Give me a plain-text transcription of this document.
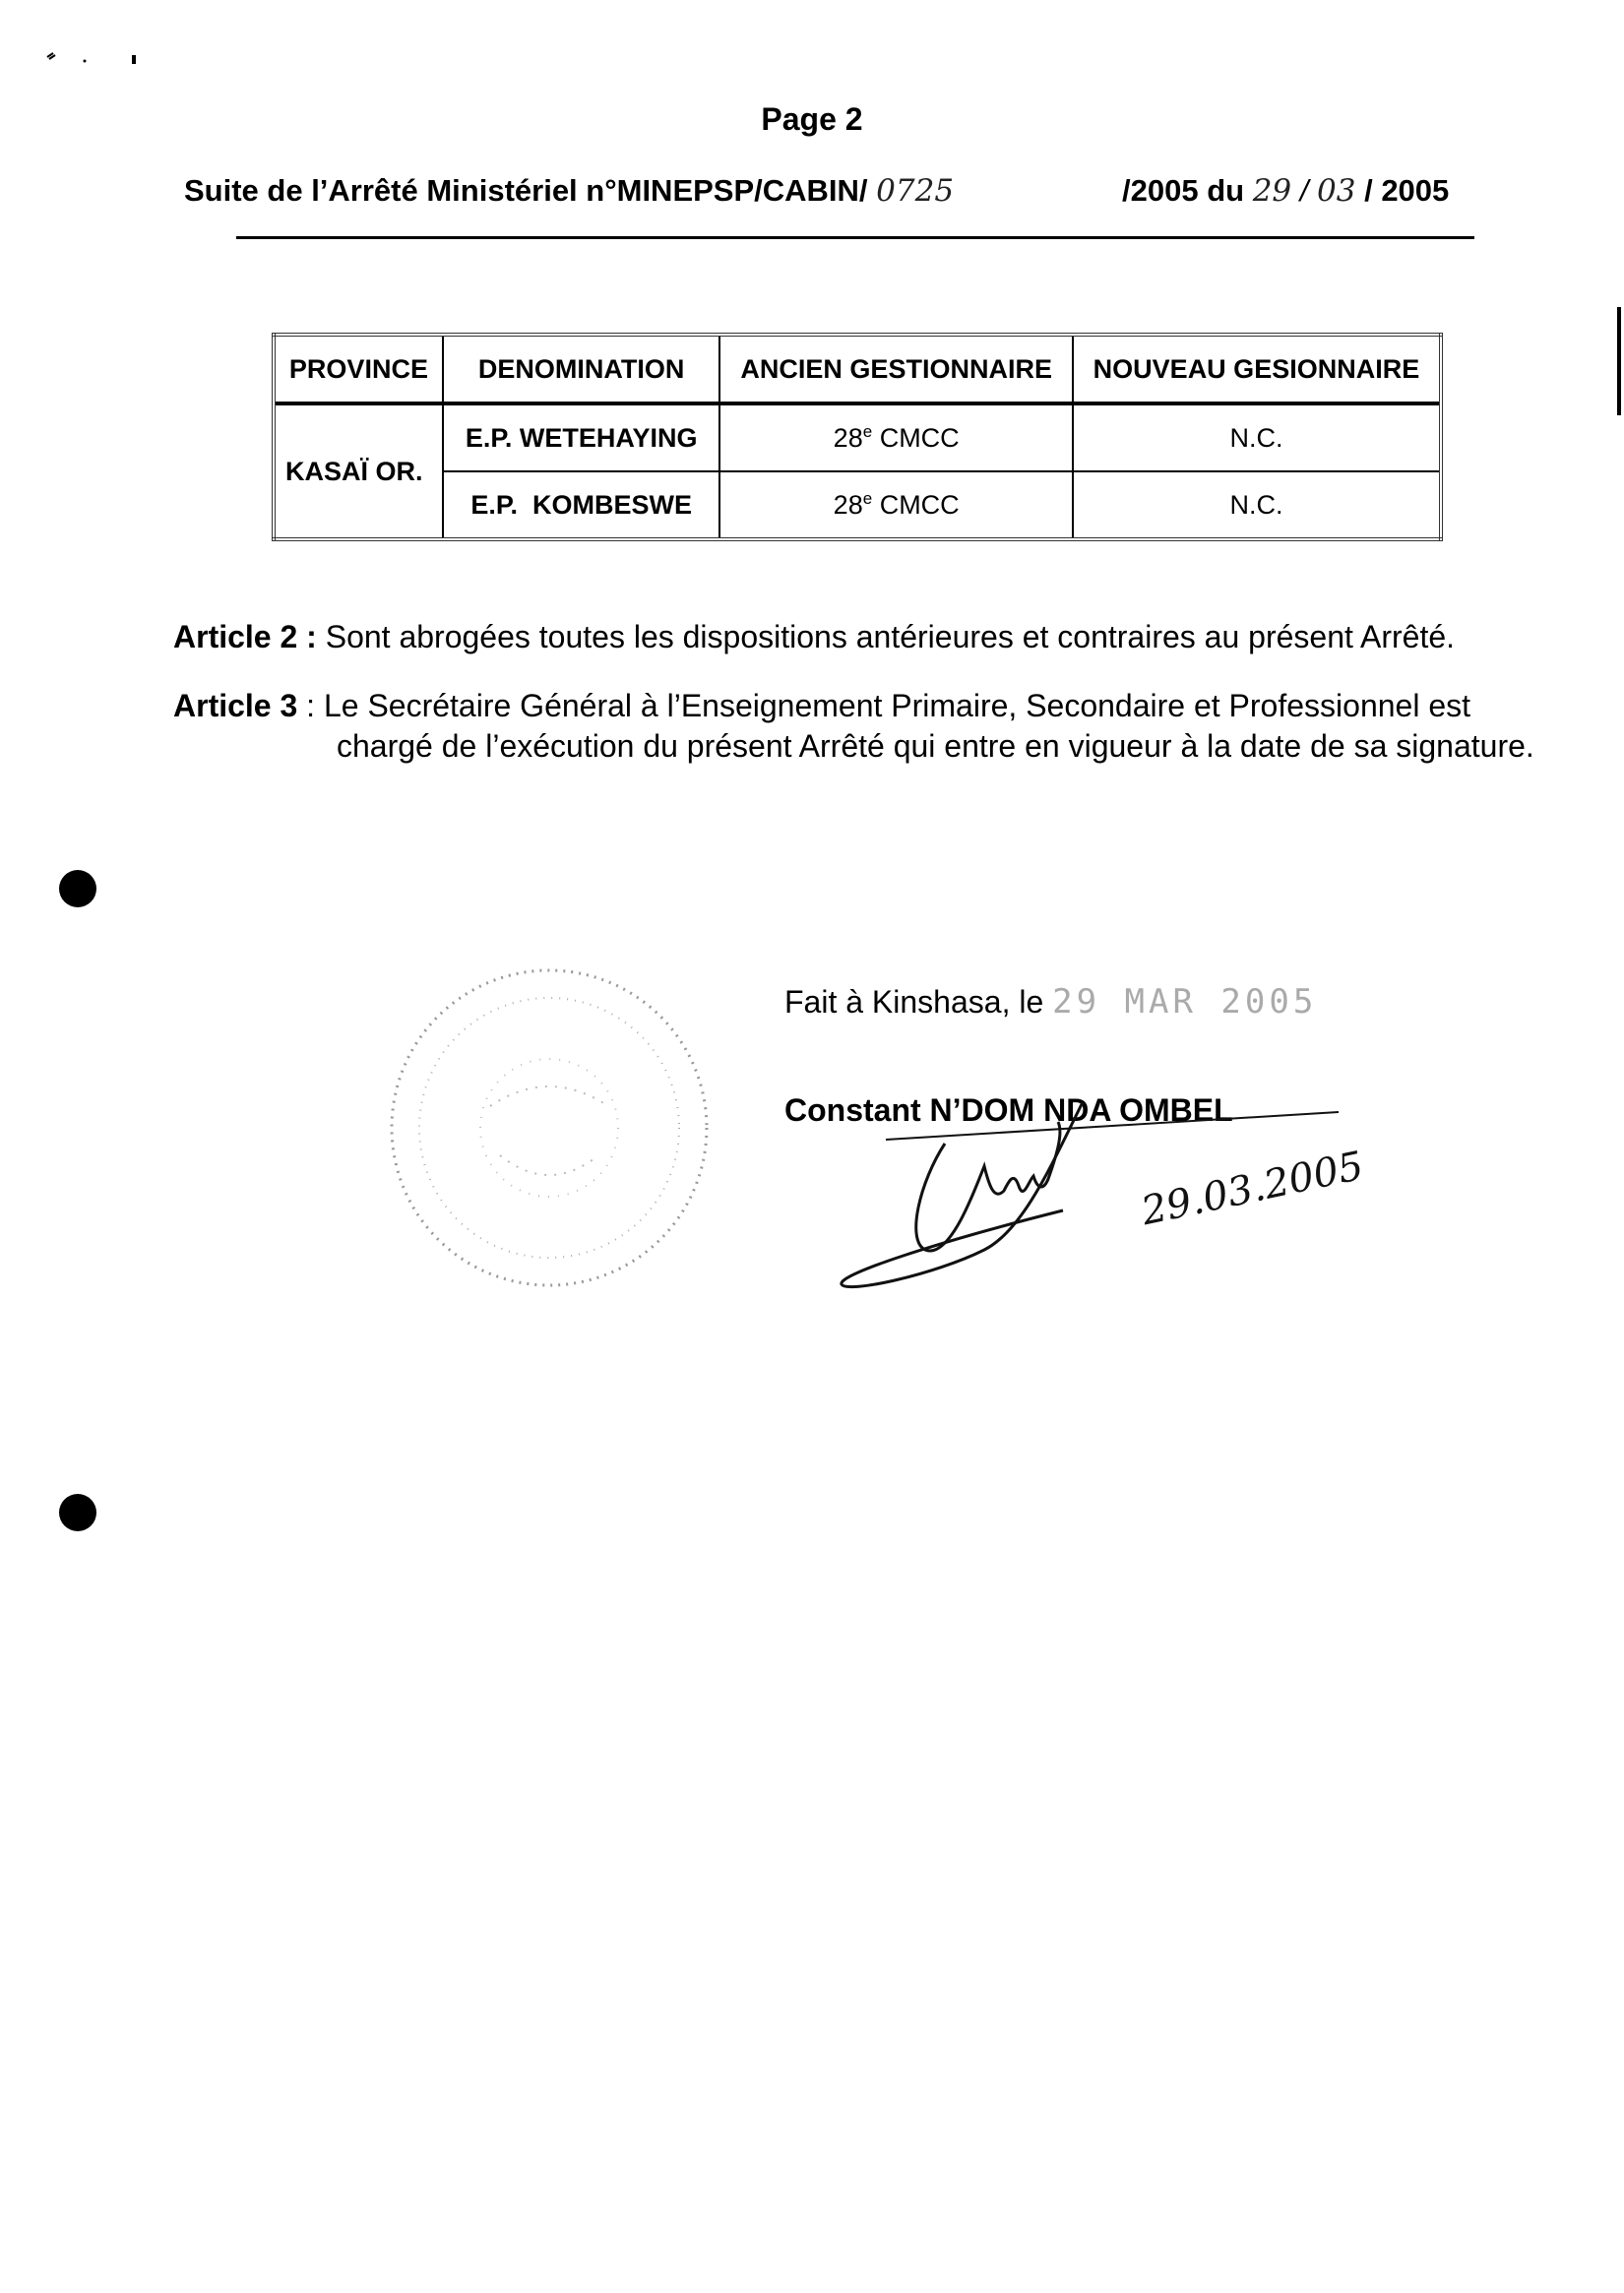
Page 2
Suite de l’Arrêté Ministériel n°MINEPSP/CABIN/ 0725	/2005 du 29 / 03 / 2005
PROVINCE	DENOMINATION	ANCIEN GESTIONNAIRE	NOUVEAU GESIONNAIRE
KASAÏ OR.	E.P. WETEHAYING	28e CMCC	N.C.
	E.P.  KOMBESWE	28e CMCC	N.C.
Article 2 : Sont abrogées toutes les dispositions antérieures et contraires au présent Arrêté.
Article 3 : Le Secrétaire Général à l’Enseignement Primaire, Secondaire et Professionnel est
chargé de l’exécution du présent Arrêté qui entre en vigueur à la date de sa signature.
Fait à Kinshasa, le 29 MAR 2005
Constant N’DOM NDA OMBEL
29.03.2005
